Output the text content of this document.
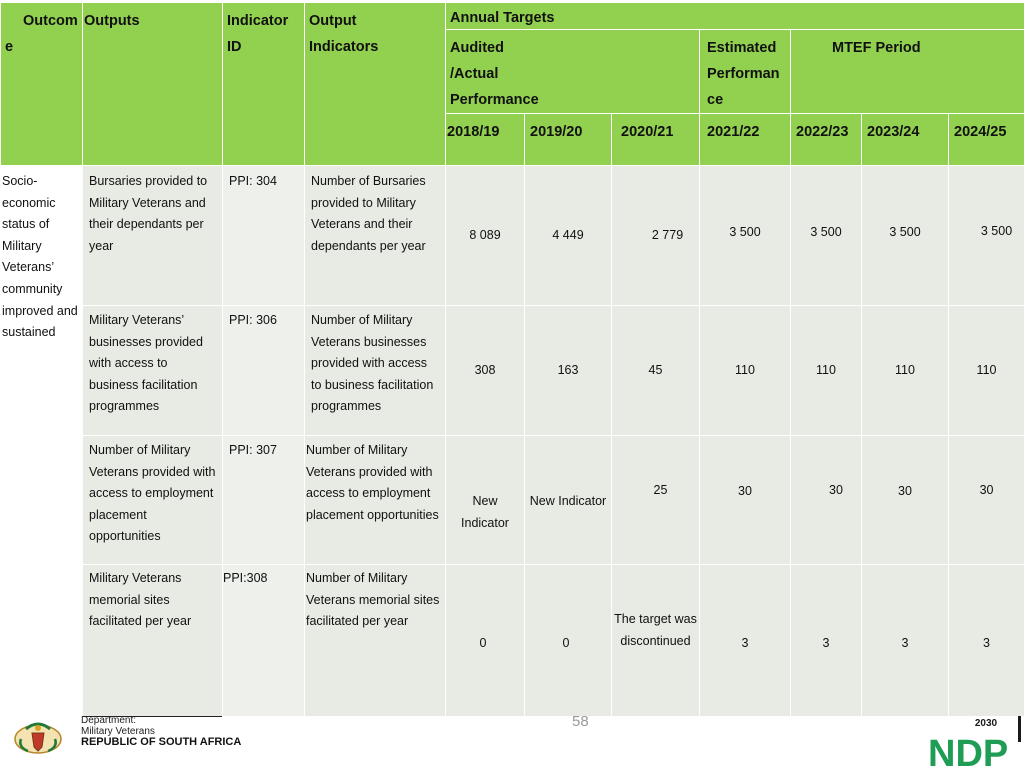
Outcom e	Outputs	Indicator ID	Output Indicators	Annual Targets						
				Audited /Actual Performance			Estimated Performan ce	MTEF Period		
				2018/19	2019/20	2020/21	2021/22	2022/23	2023/24	2024/25
Socio-economic status of Military Veterans’ community improved and sustained	Bursaries provided to Military Veterans and their dependants per year	PPI: 304	Number of Bursaries provided to Military Veterans and their dependants per year	8 089	4 449	2 779	3 500	3 500	3 500	3 500
	Military Veterans’ businesses provided with access to business facilitation programmes	PPI: 306	Number of Military Veterans businesses provided with access to business facilitation programmes	308	163	45	110	110	110	110
	Number of Military Veterans provided with access to employment placement opportunities	PPI: 307	Number of Military Veterans provided with access to employment placement opportunities	New Indicator	New Indicator	25	30	30	30	30
	Military Veterans memorial sites facilitated per year	PPI:308	Number of Military Veterans memorial sites facilitated per year	0	0	The target was discontinued	3	3	3	3
Department:
Military Veterans
REPUBLIC OF SOUTH AFRICA
58	2030
NDP
